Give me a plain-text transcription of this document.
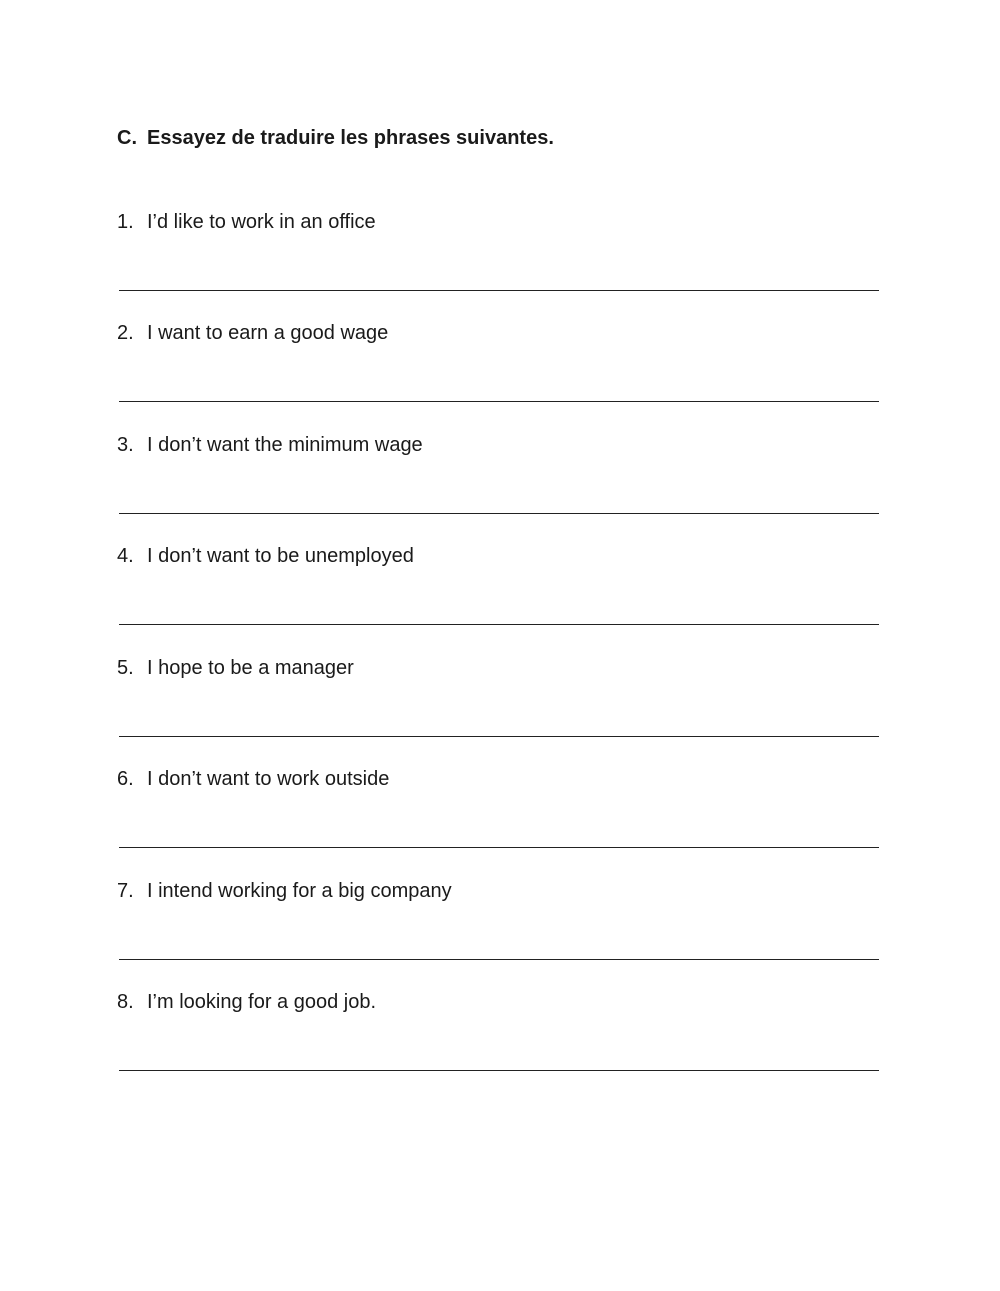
C. Essayez de traduire les phrases suivantes.
1. I’d like to work in an office
2. I want to earn a good wage
3. I don’t want the minimum wage
4. I don’t want to be unemployed
5. I hope to be a manager
6. I don’t want to work outside
7. I intend working for a big company
8. I’m looking for a good job.
